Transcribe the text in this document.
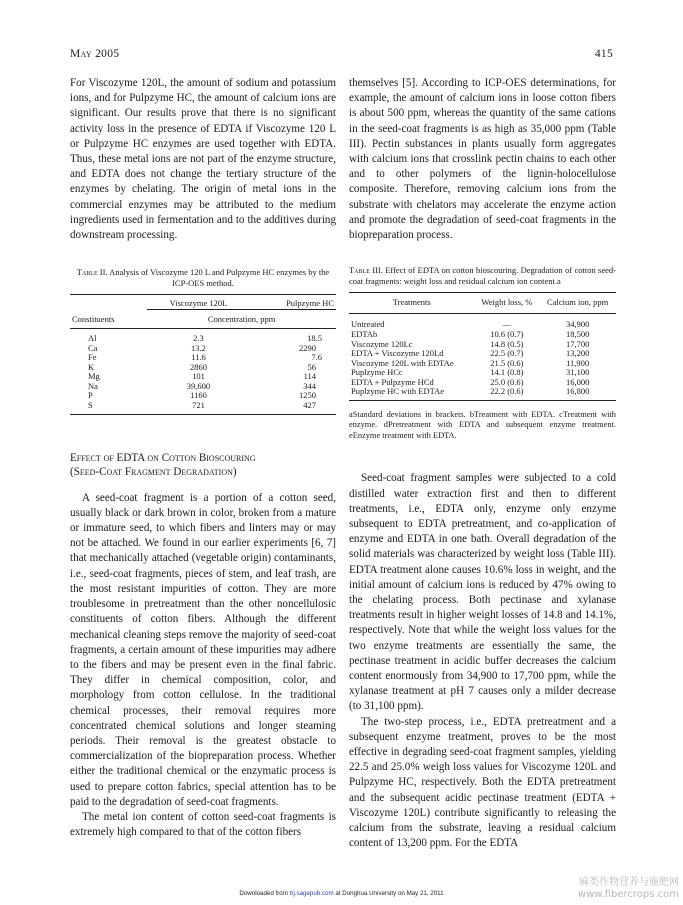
May 2005	415

For Viscozyme 120L, the amount of sodium and potassium ions, and for Pulpzyme HC, the amount of calcium ions are significant. Our results prove that there is no significant activity loss in the presence of EDTA if Viscozyme 120 L or Pulpzyme HC enzymes are used together with EDTA. Thus, these metal ions are not part of the enzyme structure, and EDTA does not change the tertiary structure of the enzymes by chelating. The origin of metal ions in the commercial enzymes may be attributed to the medium ingredients used in fermentation and to the additives during downstream processing.

Table II. Analysis of Viscozyme 120 L and Pulpzyme HC enzymes by the ICP-OES method.
	Viscozyme 120L	Pulpzyme HC
Constituents	Concentration, ppm	

Al	2.3	18.5
Ca	13.2	2290
Fe	11.6	7.6
K	2860	56
Mg	101	114
Na	39,600	344
P	1160	1250
S	721	427
Effect of EDTA on Cotton Bioscouring
(Seed-Coat Fragment Degradation)

A seed-coat fragment is a portion of a cotton seed, usually black or dark brown in color, broken from a mature or immature seed, to which fibers and linters may or may not be attached. We found in our earlier experiments [6, 7] that mechanically attached (vegetable origin) contaminants, i.e., seed-coat fragments, pieces of stem, and leaf trash, are the most resistant impurities of cotton. They are more troublesome in pretreatment than the other noncellulosic constituents of cotton fibers. Although the different mechanical cleaning steps remove the majority of seed-coat fragments, a certain amount of these impurities may adhere to the fibers and may be present even in the final fabric. They differ in chemical composition, color, and morphology from cotton cellulose. In the traditional chemical processes, their removal requires more concentrated chemical solutions and longer steaming periods. Their removal is the greatest obstacle to commercialization of the biopreparation process. Whether either the traditional chemical or the enzymatic process is used to prepare cotton fabrics, special attention has to be paid to the degradation of seed-coat fragments.

The metal ion content of cotton seed-coat fragments is extremely high compared to that of the cotton fibers

themselves [5]. According to ICP-OES determinations, for example, the amount of calcium ions in loose cotton fibers is about 500 ppm, whereas the quantity of the same cations in the seed-coat fragments is as high as 35,000 ppm (Table III). Pectin substances in plants usually form aggregates with calcium ions that crosslink pectin chains to each other and to other polymers of the lignin-holocellulose composite. Therefore, removing calcium ions from the substrate with chelators may accelerate the enzyme action and promote the degradation of seed-coat fragments in the biopreparation process.

Table III. Effect of EDTA on cotton bioscouring. Degradation of cotton seed-coat fragments: weight loss and residual calcium ion content.a
Treatments	Weight loss, %	Calcium ion, ppm

Untreated	—	34,900
EDTAb	10.6 (0.7)	18,500
Viscozyme 120Lc	14.8 (0.5)	17,700
EDTA + Viscozyme 120Ld	22.5 (0.7)	13,200
Viscozyme 120L with EDTAe	21.5 (0.6)	11,900
Puplzyme HCc	14.1 (0.8)	31,100
EDTA + Pulpzyme HCd	25.0 (0.6)	16,000
Puplzyme HC with EDTAe	22.2 (0.6)	16,800
aStandard deviations in brackets. bTreatment with EDTA. cTreatment with enzyme. dPretreatment with EDTA and subsequent enzyme treatment. eEnzyme treatment with EDTA.

Seed-coat fragment samples were subjected to a cold distilled water extraction first and then to different treatments, i.e., EDTA only, enzyme only enzyme subsequent to EDTA pretreatment, and co-application of enzyme and EDTA in one bath. Overall degradation of the solid materials was characterized by weight loss (Table III). EDTA treatment alone causes 10.6% loss in weight, and the initial amount of calcium ions is reduced by 47% owing to the chelating process. Both pectinase and xylanase treatments result in higher weight losses of 14.8 and 14.1%, respectively. Note that while the weight loss values for the two enzyme treatments are essentially the same, the pectinase treatment in acidic buffer decreases the calcium content enormously from 34,900 to 17,700 ppm, while the xylanase treatment at pH 7 causes only a milder decrease (to 31,100 ppm).

The two-step process, i.e., EDTA pretreatment and a subsequent enzyme treatment, proves to be the most effective in degrading seed-coat fragment samples, yielding 22.5 and 25.0% weigh loss values for Viscozyme 120L and Pulpzyme HC, respectively. Both the EDTA pretreatment and the subsequent acidic pectinase treatment (EDTA + Viscozyme 120L) contribute significantly to releasing the calcium from the substrate, leaving a residual calcium content of 13,200 ppm. For the EDTA

Downloaded from trj.sagepub.com at Donghua University on May 21, 2011
麻类作物营养与施肥网
www.fibercrops.com
